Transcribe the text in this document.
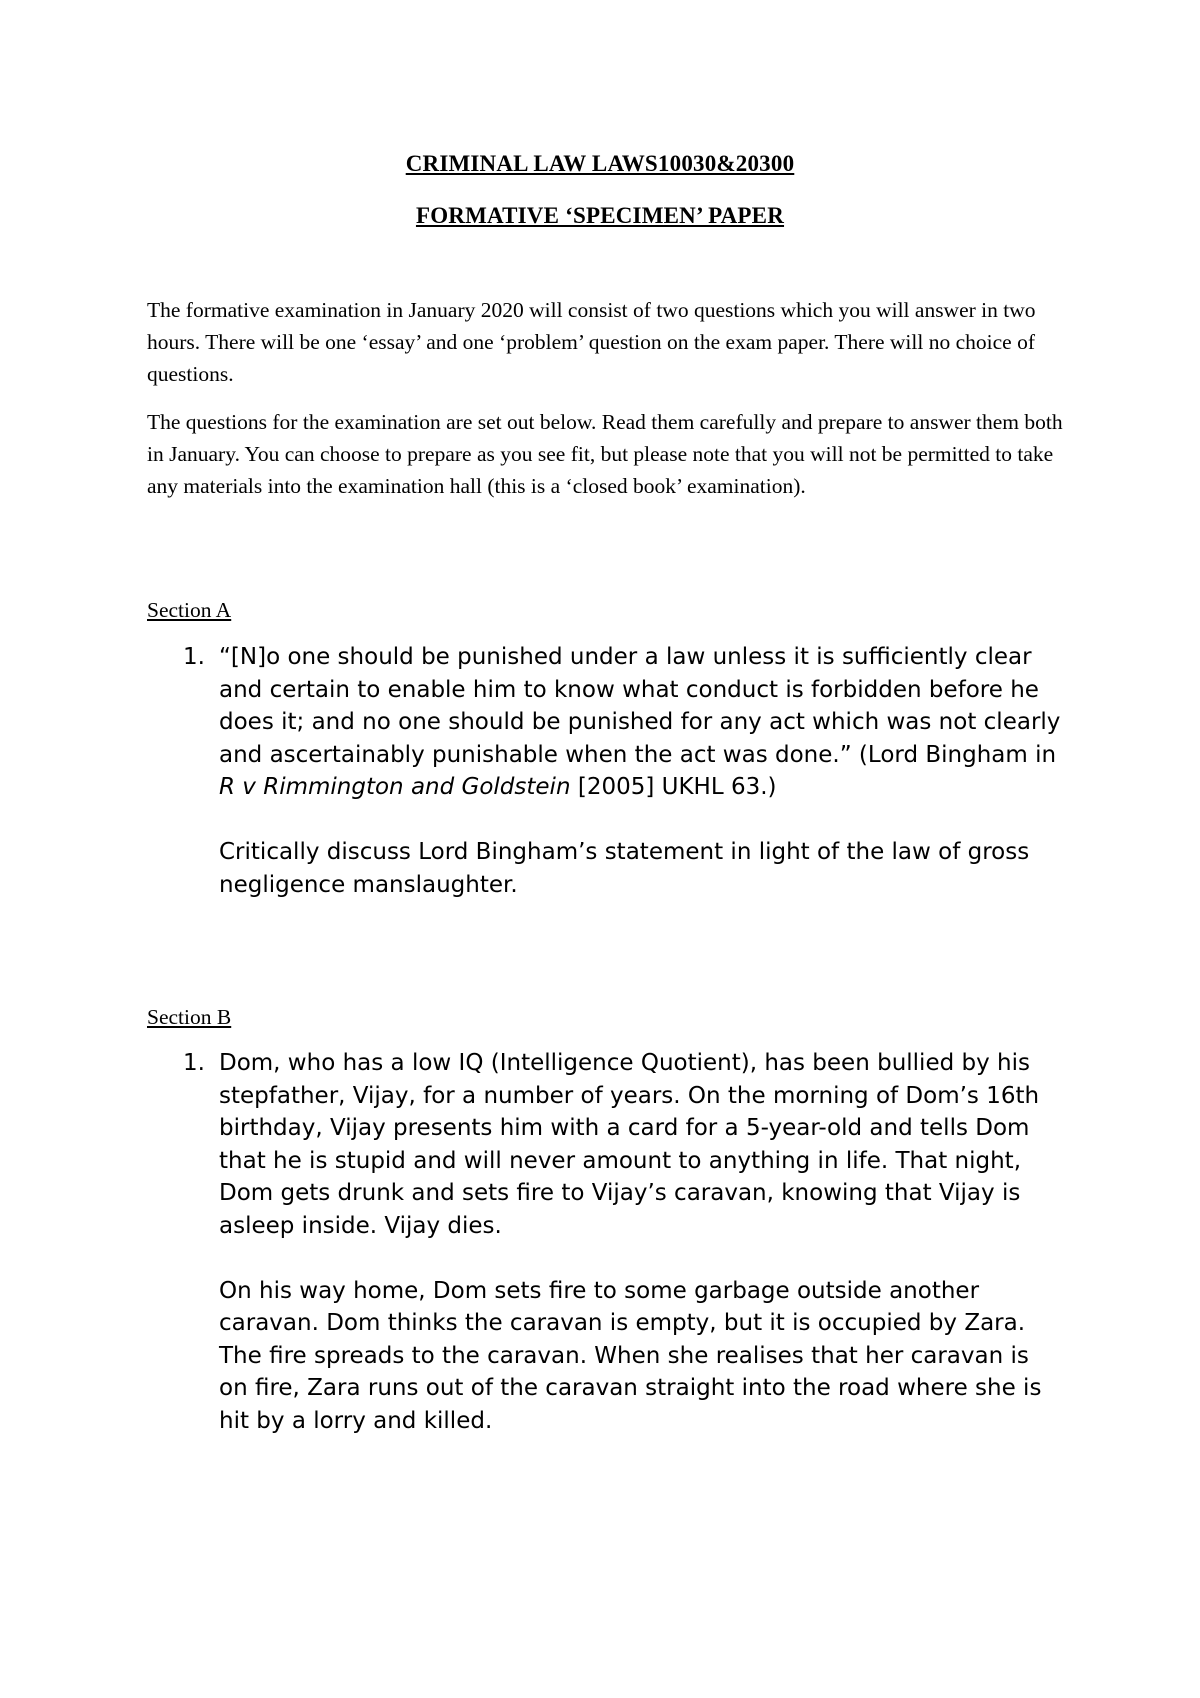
CRIMINAL LAW LAWS10030&20300
FORMATIVE ‘SPECIMEN’ PAPER

The formative examination in January 2020 will consist of two questions which you will answer in two hours. There will be one ‘essay’ and one ‘problem’ question on the exam paper. There will no choice of questions.

The questions for the examination are set out below. Read them carefully and prepare to answer them both in January. You can choose to prepare as you see fit, but please note that you will not be permitted to take any materials into the examination hall (this is a ‘closed book’ examination).

Section A
1. “[N]o one should be punished under a law unless it is sufficiently clear and certain to enable him to know what conduct is forbidden before he does it; and no one should be punished for any act which was not clearly and ascertainably punishable when the act was done.” (Lord Bingham in R v Rimmington and Goldstein [2005] UKHL 63.)

Critically discuss Lord Bingham’s statement in light of the law of gross negligence manslaughter.

Section B
1. Dom, who has a low IQ (Intelligence Quotient), has been bullied by his stepfather, Vijay, for a number of years. On the morning of Dom’s 16th birthday, Vijay presents him with a card for a 5-year-old and tells Dom that he is stupid and will never amount to anything in life. That night, Dom gets drunk and sets fire to Vijay’s caravan, knowing that Vijay is asleep inside. Vijay dies.

On his way home, Dom sets fire to some garbage outside another caravan. Dom thinks the caravan is empty, but it is occupied by Zara. The fire spreads to the caravan. When she realises that her caravan is on fire, Zara runs out of the caravan straight into the road where she is hit by a lorry and killed.
